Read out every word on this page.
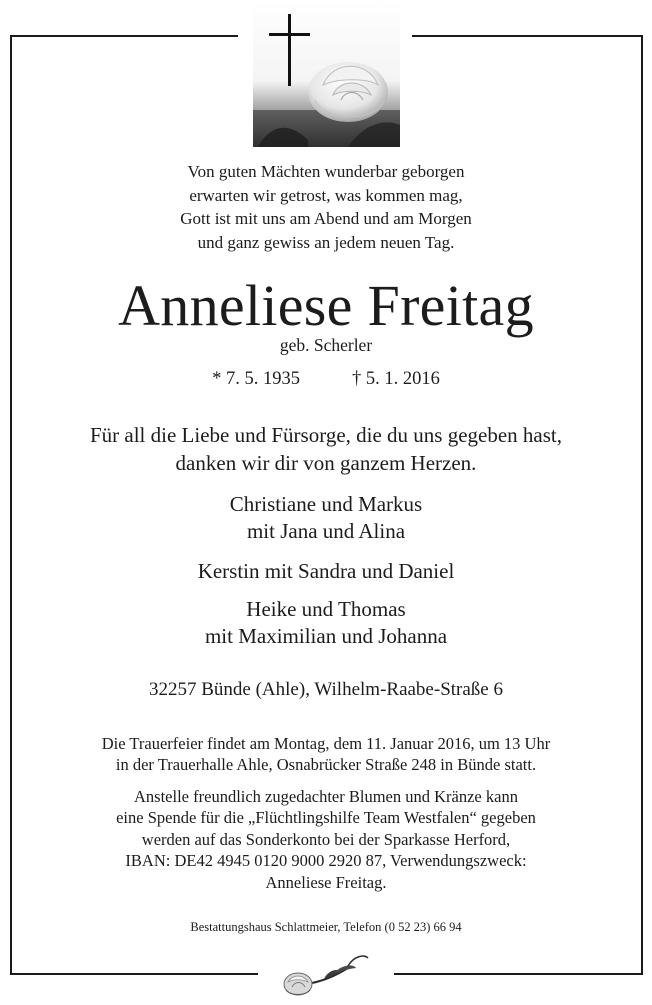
Von guten Mächten wunderbar geborgen
erwarten wir getrost, was kommen mag,
Gott ist mit uns am Abend und am Morgen
und ganz gewiss an jedem neuen Tag.
Anneliese Freitag
geb. Scherler
* 7. 5. 1935	† 5. 1. 2016
Für all die Liebe und Fürsorge, die du uns gegeben hast,
danken wir dir von ganzem Herzen.
Christiane und Markus
mit Jana und Alina
Kerstin mit Sandra und Daniel
Heike und Thomas
mit Maximilian und Johanna
32257 Bünde (Ahle), Wilhelm-Raabe-Straße 6
Die Trauerfeier findet am Montag, dem 11. Januar 2016, um 13 Uhr
in der Trauerhalle Ahle, Osnabrücker Straße 248 in Bünde statt.
Anstelle freundlich zugedachter Blumen und Kränze kann
eine Spende für die „Flüchtlingshilfe Team Westfalen“ gegeben
werden auf das Sonderkonto bei der Sparkasse Herford,
IBAN: DE42 4945 0120 9000 2920 87, Verwendungszweck:
Anneliese Freitag.
Bestattungshaus Schlattmeier, Telefon (0 52 23) 66 94
